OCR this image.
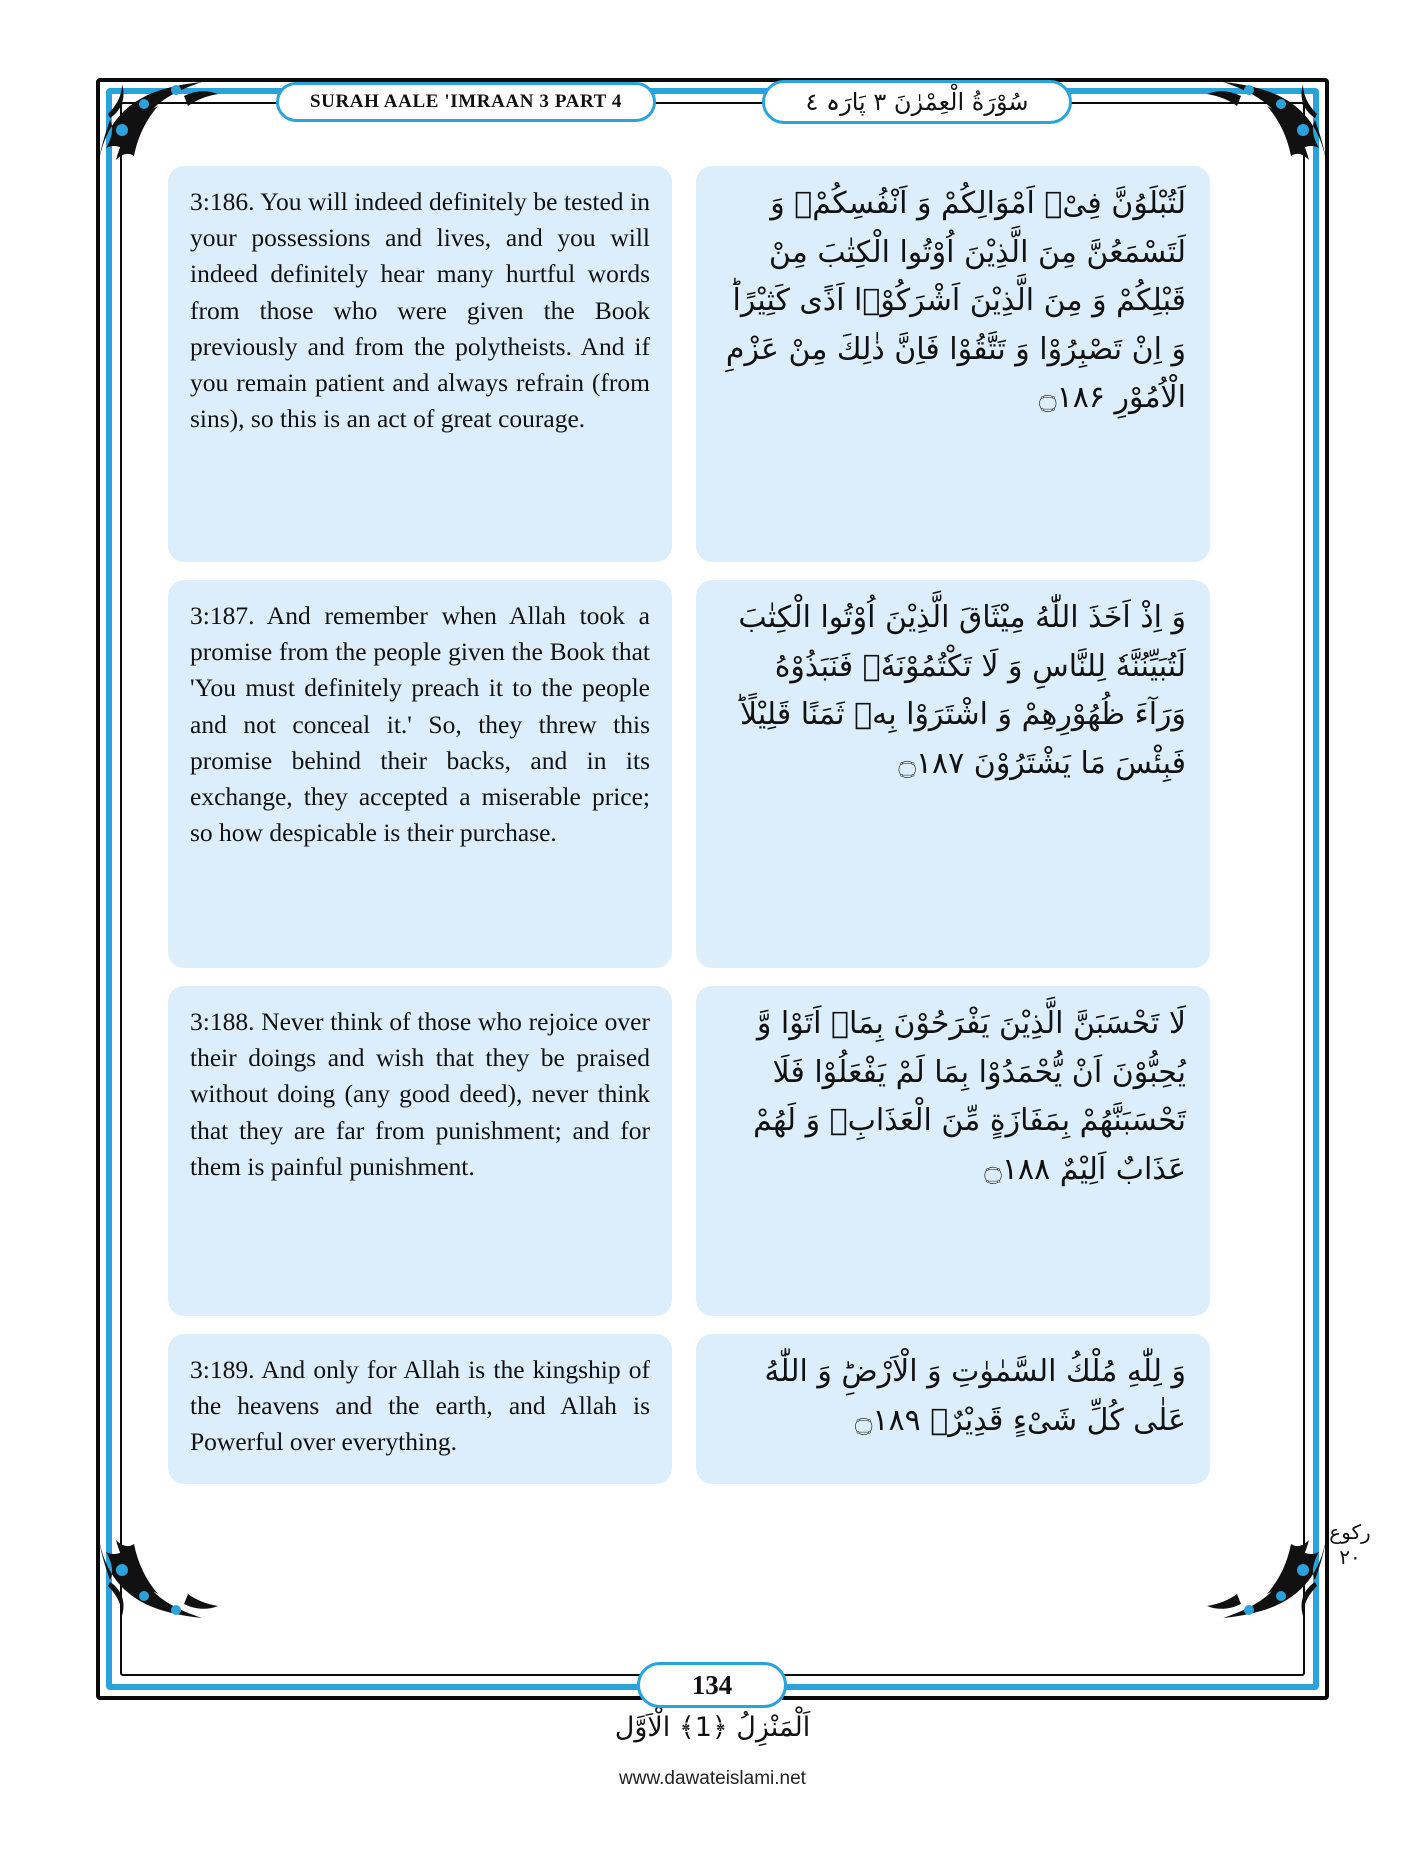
SURAH AALE 'IMRAAN 3 PART 4	سُوْرَةُ الْعِمْرٰنَ ٣ پَارَہ ٤
3:186. You will indeed definitely be tested in your possessions and lives, and you will indeed definitely hear many hurtful words from those who were given the Book previously and from the polytheists. And if you remain patient and always refrain (from sins), so this is an act of great courage.
لَتُبْلَوُنَّ فِیْۤ اَمْوَالِكُمْ وَ اَنْفُسِكُمْ۫ وَ لَتَسْمَعُنَّ مِنَ الَّذِیْنَ اُوْتُوا الْكِتٰبَ مِنْ قَبْلِكُمْ وَ مِنَ الَّذِیْنَ اَشْرَكُوْۤا اَذًى كَثِیْرًاؕ وَ اِنْ تَصْبِرُوْا وَ تَتَّقُوْا فَاِنَّ ذٰلِكَ مِنْ عَزْمِ الْاُمُوْرِ ۝۱۸۶
3:187. And remember when Allah took a promise from the people given the Book that 'You must definitely preach it to the people and not conceal it.' So, they threw this promise behind their backs, and in its exchange, they accepted a miserable price; so how despicable is their purchase.
وَ اِذْ اَخَذَ اللّٰهُ مِیْثَاقَ الَّذِیْنَ اُوْتُوا الْكِتٰبَ لَتُبَیِّنُنَّهٗ لِلنَّاسِ وَ لَا تَكْتُمُوْنَهٗ۫ فَنَبَذُوْهُ وَرَآءَ ظُهُوْرِهِمْ وَ اشْتَرَوْا بِهٖ ثَمَنًا قَلِیْلًاؕ فَبِئْسَ مَا یَشْتَرُوْنَ ۝۱۸۷
3:188. Never think of those who rejoice over their doings and wish that they be praised without doing (any good deed), never think that they are far from punishment; and for them is painful punishment.
لَا تَحْسَبَنَّ الَّذِیْنَ یَفْرَحُوْنَ بِمَاۤ اَتَوْا وَّ یُحِبُّوْنَ اَنْ یُّحْمَدُوْا بِمَا لَمْ یَفْعَلُوْا فَلَا تَحْسَبَنَّهُمْ بِمَفَازَةٍ مِّنَ الْعَذَابِۚ وَ لَهُمْ عَذَابٌ اَلِیْمٌ ۝۱۸۸
3:189. And only for Allah is the kingship of the heavens and the earth, and Allah is Powerful over everything.
وَ لِلّٰهِ مُلْكُ السَّمٰوٰتِ وَ الْاَرْضِؕ وَ اللّٰهُ عَلٰى كُلِّ شَیْءٍ قَدِیْرٌ۠ ۝۱۸۹
رکوع ۲۰
134
اَلْمَنْزِلُ ﴿1﴾ الْاَوَّل
www.dawateislami.net
